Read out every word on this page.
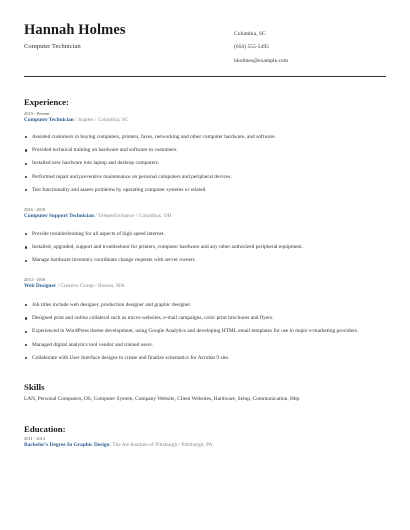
Hannah Holmes
Computer Technician
Columbia, SC
(650) 555-5495
hholmes@example.com
Experience:
2019 - Present
Computer Technician / Staples / Columbia, SC
Assisted customers in buying computers, printers, faxes, networking and other computer hardware, and software.
Provided technical training on hardware and software to customers.
Installed new hardware into laptop and desktop computers.
Performed repair and preventive maintenance on personal computers and peripheral devices.
Test functionality and assess problems by operating computer systems or related.
2016 - 2019
Computer Support Technician / Teleperformance / Columbus, OH
Provide troubleshooting for all aspects of high speed internet.
Installed, upgraded, support and troubleshoot for printers, computer hardware and any other authorized peripheral equipment.
Manage hardware inventory coordinate change requests with server owners
2014 - 2016
Web Designer / Creative Group / Boston, MA
Job titles include web designer, production designer and graphic designer.
Designed print and online collateral such as micro-websites, e-mail campaigns, color print brochures and flyers.
Experienced in WordPress theme development, using Google Analytics and developing HTML email templates for use in major e-marketing providers.
Managed digital analytics tool vendor and trained users.
Collaborate with User Interface designs to create and finalize schematics for Acrobat 9 site.
Skills
LAN, Personal Computers, OS, Computer System, Company Website, Client Websites, Hardware, Setup, Communication, Http
Education:
2011 - 2014
Bachelor's Degree In Graphic Design: The Art Institute of Pittsburgh / Pittsburgh, PA
